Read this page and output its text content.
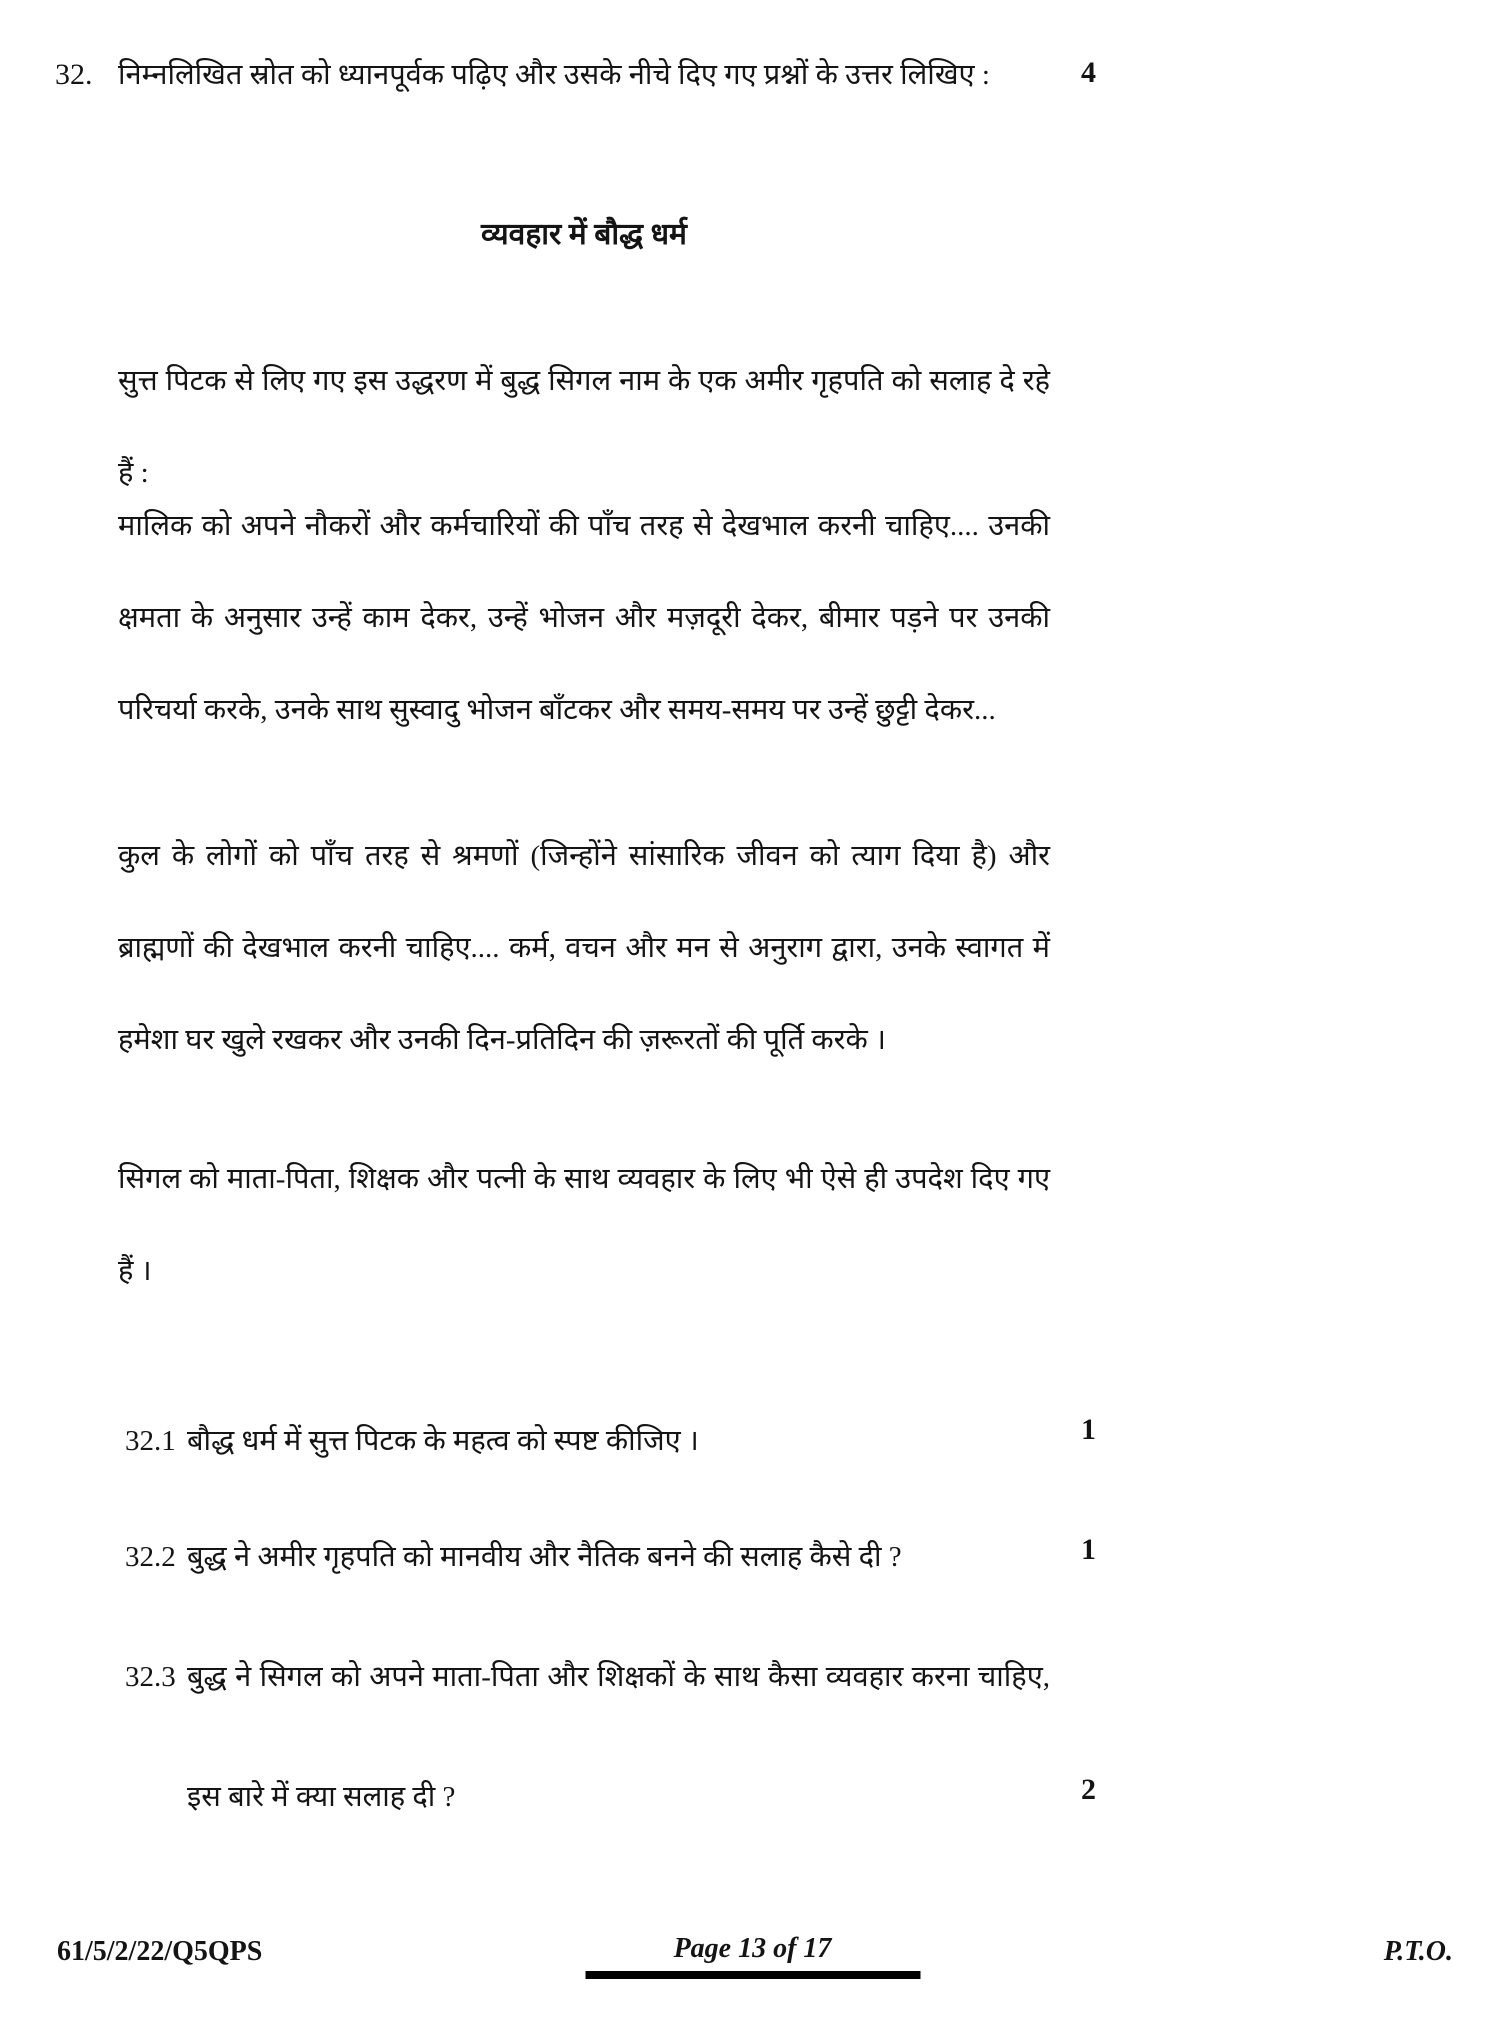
32. निम्नलिखित स्रोत को ध्यानपूर्वक पढ़िए और उसके नीचे दिए गए प्रश्नों के उत्तर लिखिए :	4
व्यवहार में बौद्ध धर्म
सुत्त पिटक से लिए गए इस उद्धरण में बुद्ध सिगल नाम के एक अमीर गृहपति को सलाह दे रहे हैं :
मालिक को अपने नौकरों और कर्मचारियों की पाँच तरह से देखभाल करनी चाहिए.... उनकी क्षमता के अनुसार उन्हें काम देकर, उन्हें भोजन और मज़दूरी देकर, बीमार पड़ने पर उनकी परिचर्या करके, उनके साथ सुस्वादु भोजन बाँटकर और समय-समय पर उन्हें छुट्टी देकर...
कुल के लोगों को पाँच तरह से श्रमणों (जिन्होंने सांसारिक जीवन को त्याग दिया है) और ब्राह्मणों की देखभाल करनी चाहिए.... कर्म, वचन और मन से अनुराग द्वारा, उनके स्वागत में हमेशा घर खुले रखकर और उनकी दिन-प्रतिदिन की ज़रूरतों की पूर्ति करके ।
सिगल को माता-पिता, शिक्षक और पत्नी के साथ व्यवहार के लिए भी ऐसे ही उपदेश दिए गए हैं ।
32.1 बौद्ध धर्म में सुत्त पिटक के महत्व को स्पष्ट कीजिए ।	1
32.2 बुद्ध ने अमीर गृहपति को मानवीय और नैतिक बनने की सलाह कैसे दी ?	1
32.3 बुद्ध ने सिगल को अपने माता-पिता और शिक्षकों के साथ कैसा व्यवहार करना चाहिए, इस बारे में क्या सलाह दी ?	2
61/5/2/22/Q5QPS	Page 13 of 17	P.T.O.
